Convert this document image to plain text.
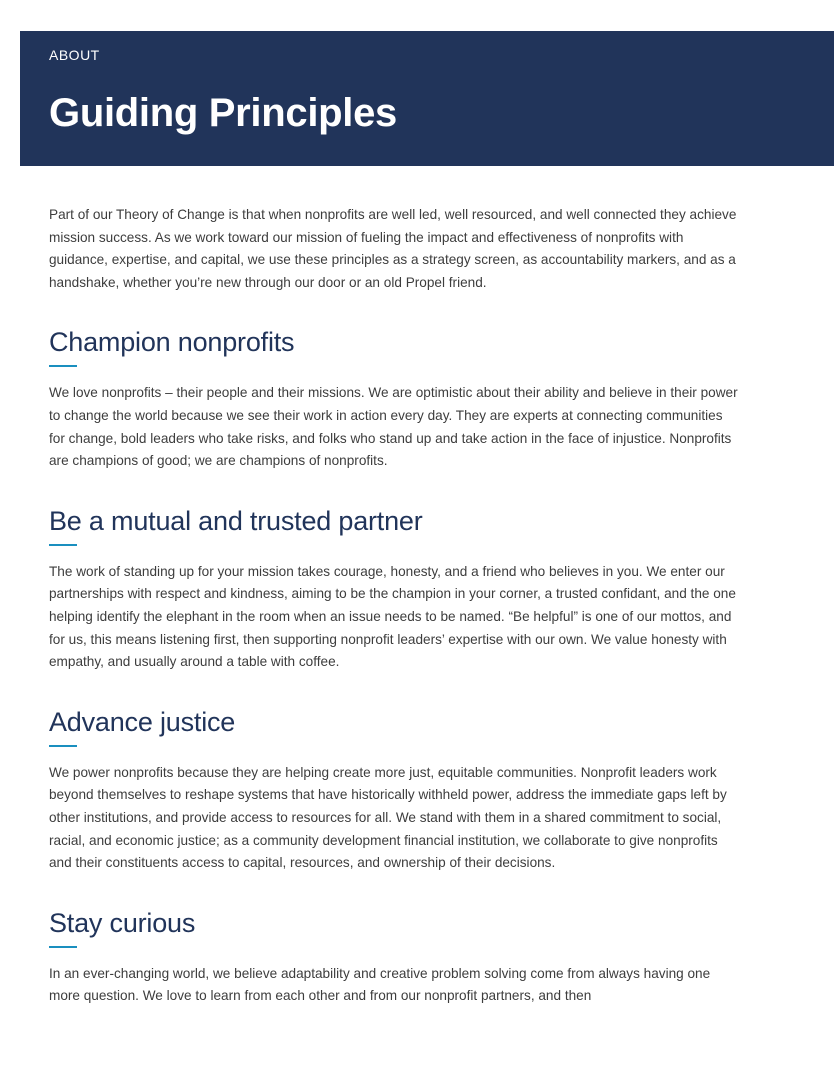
ABOUT
Guiding Principles

Part of our Theory of Change is that when nonprofits are well led, well resourced, and well connected they achieve mission success. As we work toward our mission of fueling the impact and effectiveness of nonprofits with guidance, expertise, and capital, we use these principles as a strategy screen, as accountability markers, and as a handshake, whether you’re new through our door or an old Propel friend.

Champion nonprofits

We love nonprofits – their people and their missions. We are optimistic about their ability and believe in their power to change the world because we see their work in action every day. They are experts at connecting communities for change, bold leaders who take risks, and folks who stand up and take action in the face of injustice. Nonprofits are champions of good; we are champions of nonprofits.

Be a mutual and trusted partner

The work of standing up for your mission takes courage, honesty, and a friend who believes in you. We enter our partnerships with respect and kindness, aiming to be the champion in your corner, a trusted confidant, and the one helping identify the elephant in the room when an issue needs to be named. “Be helpful” is one of our mottos, and for us, this means listening first, then supporting nonprofit leaders’ expertise with our own. We value honesty with empathy, and usually around a table with coffee.

Advance justice

We power nonprofits because they are helping create more just, equitable communities. Nonprofit leaders work beyond themselves to reshape systems that have historically withheld power, address the immediate gaps left by other institutions, and provide access to resources for all. We stand with them in a shared commitment to social, racial, and economic justice; as a community development financial institution, we collaborate to give nonprofits and their constituents access to capital, resources, and ownership of their decisions.

Stay curious

In an ever-changing world, we believe adaptability and creative problem solving come from always having one more question. We love to learn from each other and from our nonprofit partners, and then
